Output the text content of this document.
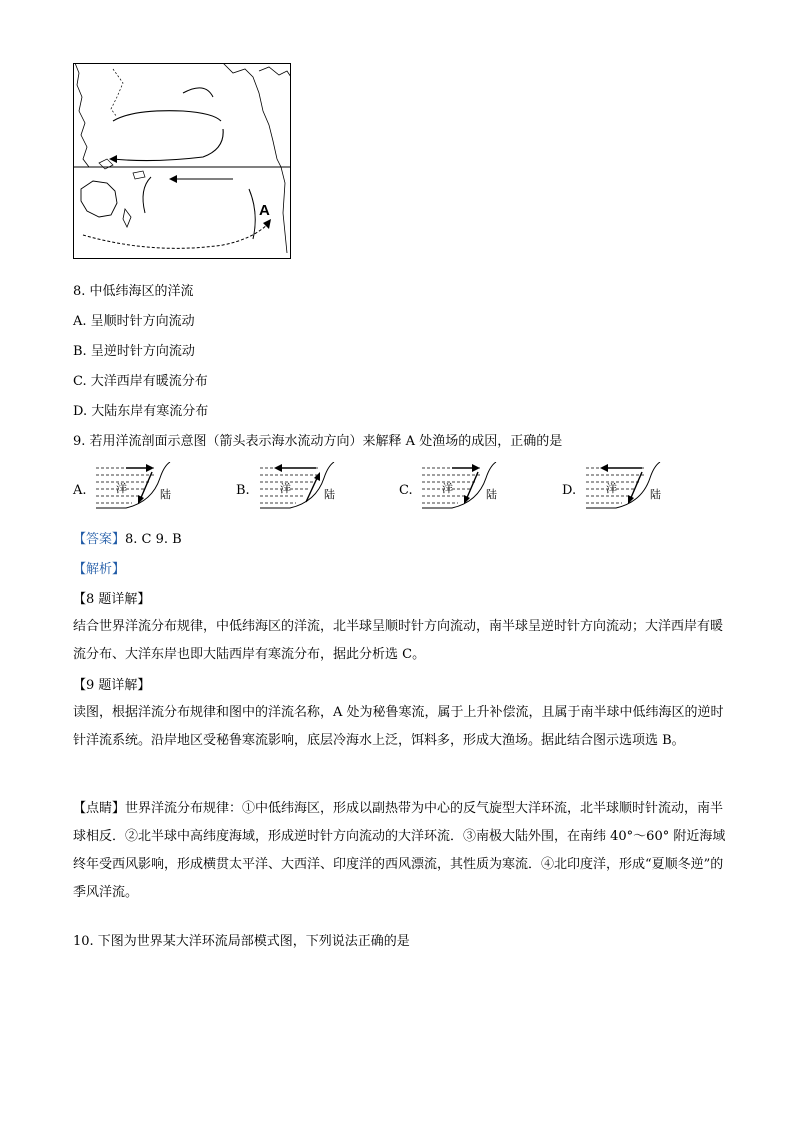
A
8. 中低纬海区的洋流
A. 呈顺时针方向流动
B. 呈逆时针方向流动
C. 大洋西岸有暖流分布
D. 大陆东岸有寒流分布
9. 若用洋流剖面示意图（箭头表示海水流动方向）来解释 A 处渔场的成因，正确的是
A.	洋	陆	B.	洋	陆	C.	洋	陆	D.	洋	陆
【答案】8. C 9. B
【解析】
【8 题详解】
结合世界洋流分布规律，中低纬海区的洋流，北半球呈顺时针方向流动，南半球呈逆时针方向流动；大洋西岸有暖流分布、大洋东岸也即大陆西岸有寒流分布，据此分析选 C。
【9 题详解】
读图，根据洋流分布规律和图中的洋流名称，A 处为秘鲁寒流，属于上升补偿流，且属于南半球中低纬海区的逆时针洋流系统。沿岸地区受秘鲁寒流影响，底层冷海水上泛，饵料多，形成大渔场。据此结合图示选项选 B。
【点睛】世界洋流分布规律：①中低纬海区，形成以副热带为中心的反气旋型大洋环流，北半球顺时针流动，南半球相反．②北半球中高纬度海域，形成逆时针方向流动的大洋环流．③南极大陆外围，在南纬 40°～60° 附近海域终年受西风影响，形成横贯太平洋、大西洋、印度洋的西风漂流，其性质为寒流．④北印度洋，形成“夏顺冬逆”的季风洋流。
10. 下图为世界某大洋环流局部模式图，下列说法正确的是
